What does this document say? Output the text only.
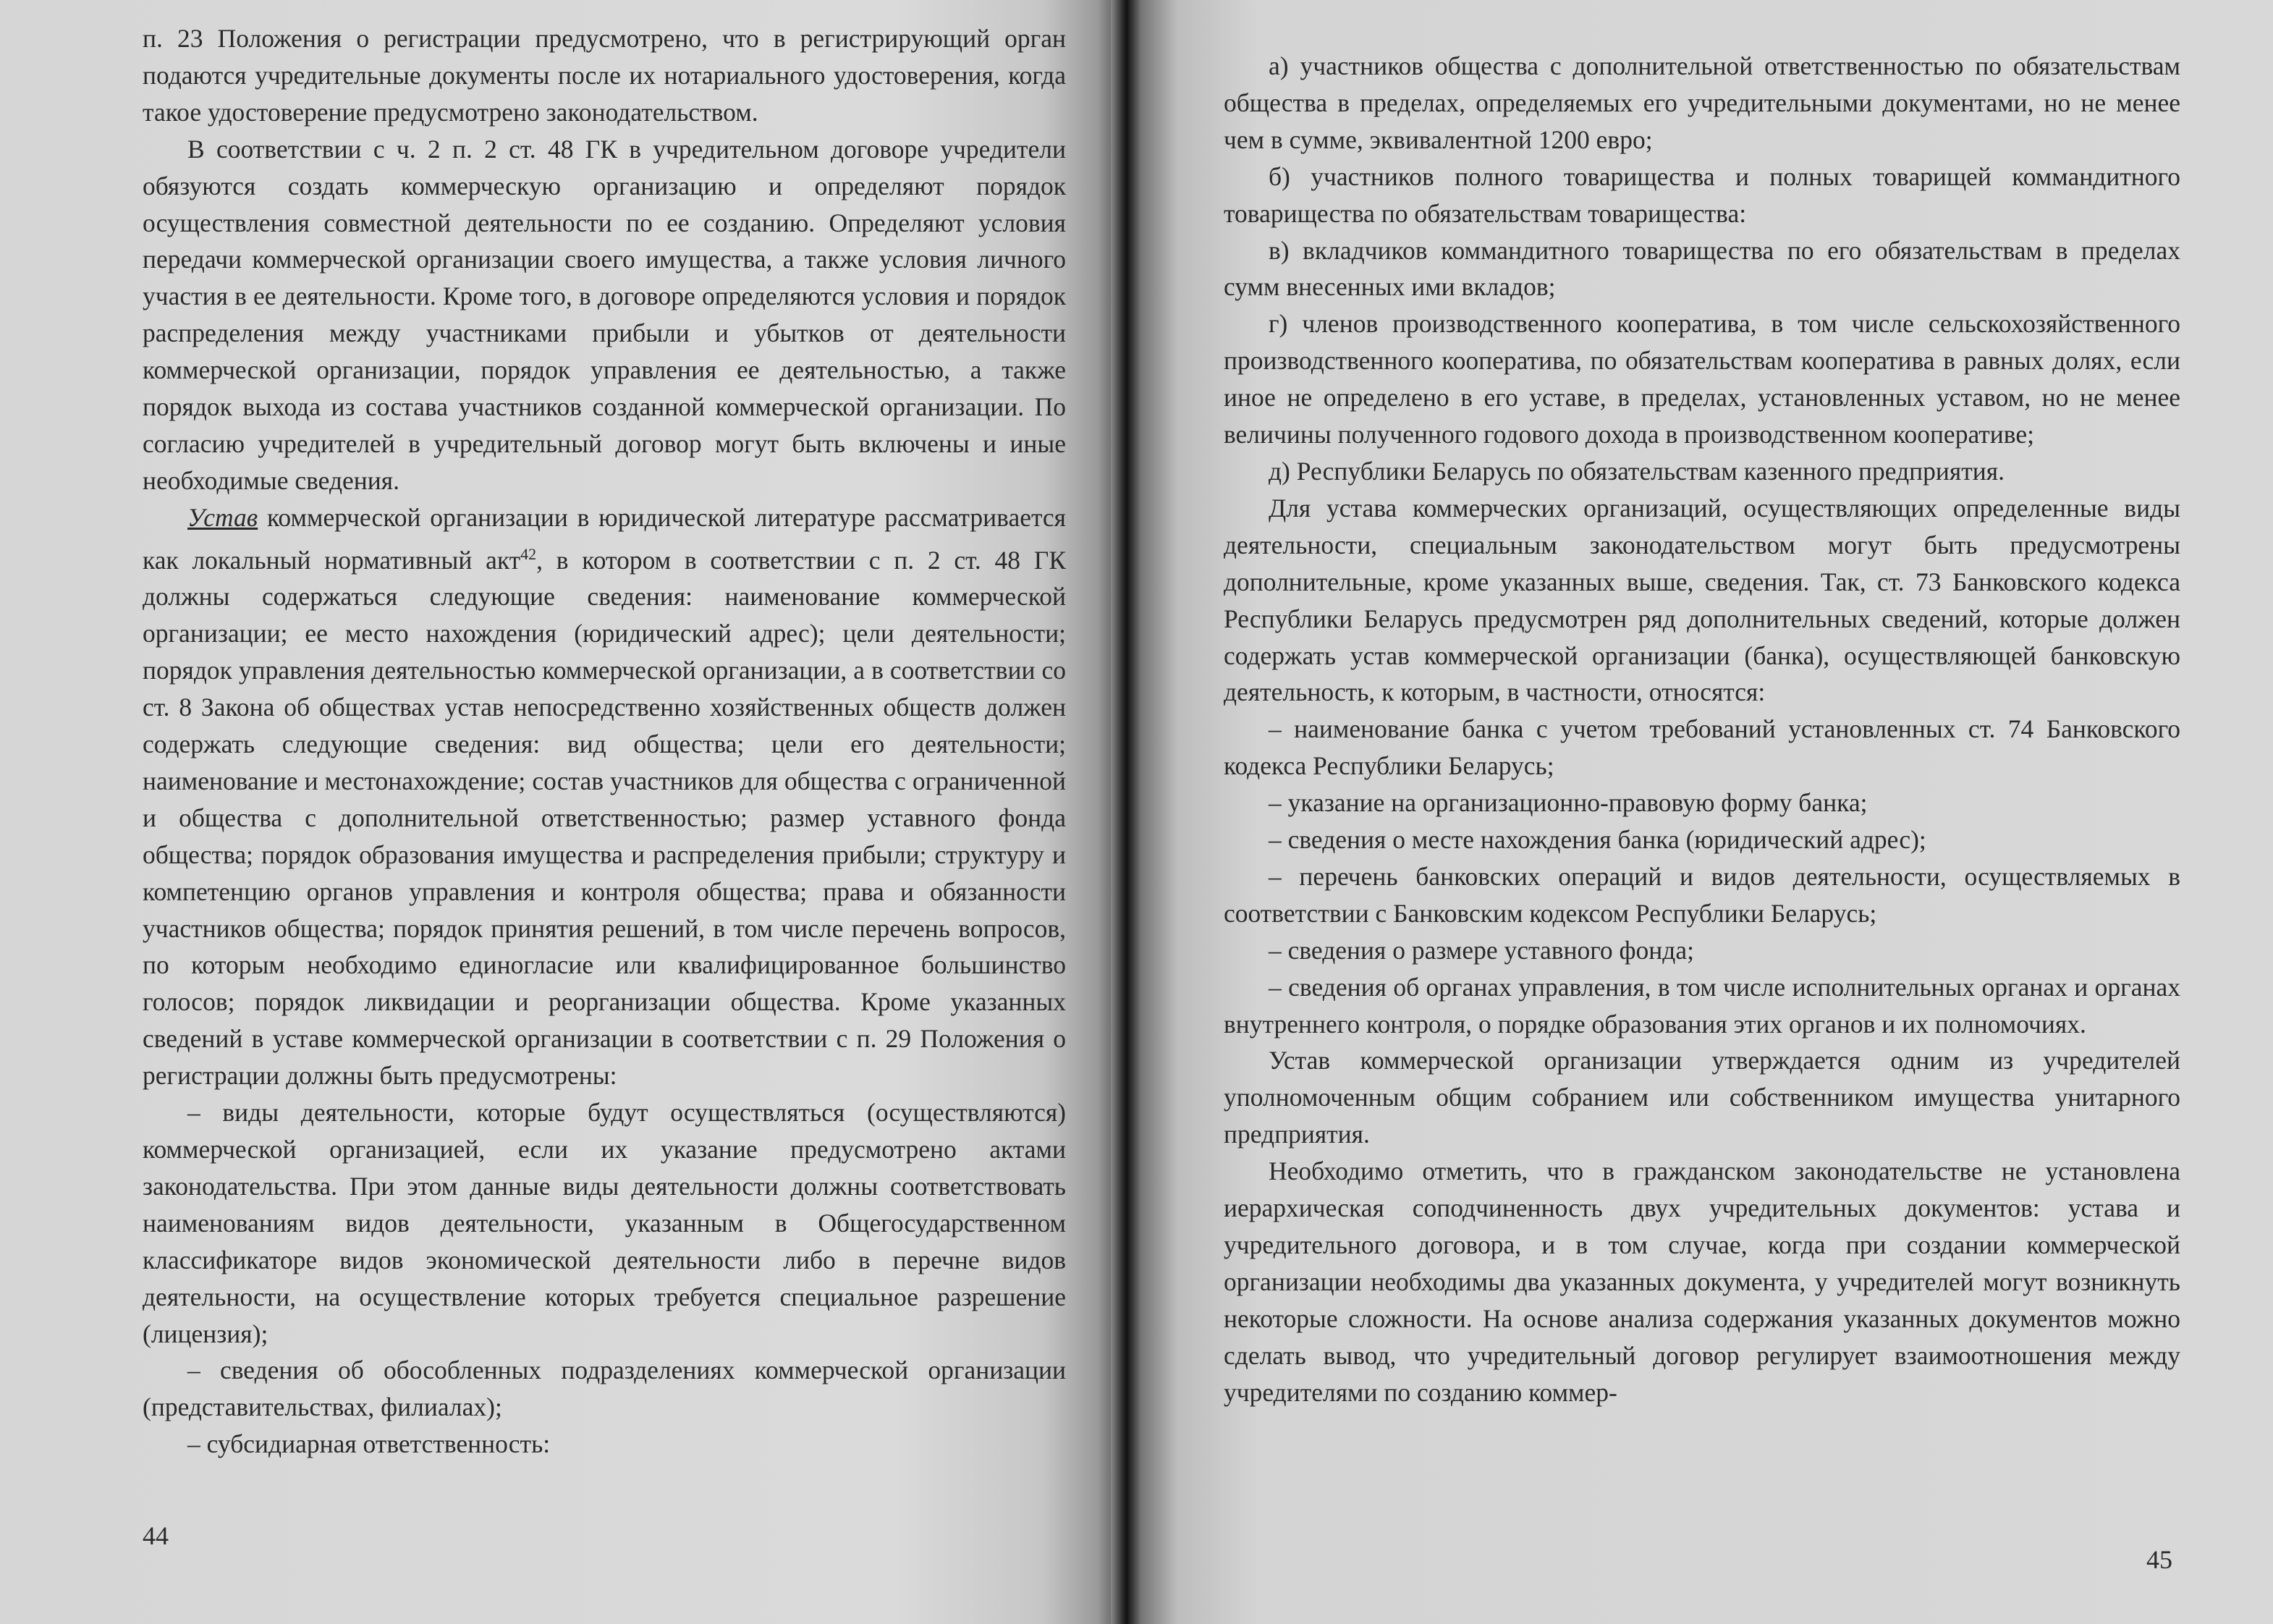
п. 23 Положения о регистрации предусмотрено, что в регистрирующий орган подаются учредительные документы после их нотариального удостоверения, когда такое удостоверение предусмотрено законодательством.

В соответствии с ч. 2 п. 2 ст. 48 ГК в учредительном договоре учредители обязуются создать коммерческую организацию и определяют порядок осуществления совместной деятельности по ее созданию. Определяют условия передачи коммерческой организации своего имущества, а также условия личного участия в ее деятельности. Кроме того, в договоре определяются условия и порядок распределения между участниками прибыли и убытков от деятельности коммерческой организации, порядок управления ее деятельностью, а также порядок выхода из состава участников созданной коммерческой организации. По согласию учредителей в учредительный договор могут быть включены и иные необходимые сведения.

Устав коммерческой организации в юридической литературе рассматривается как локальный нормативный акт$^{42}$, в котором в соответствии с п. 2 ст. 48 ГК должны содержаться следующие сведения: наименование коммерческой организации; ее место нахождения (юридический адрес); цели деятельности; порядок управления деятельностью коммерческой организации, а в соответствии со ст. 8 Закона об обществах устав непосредственно хозяйственных обществ должен содержать следующие сведения: вид общества; цели его деятельности; наименование и местонахождение; состав участников для общества с ограниченной и общества с дополнительной ответственностью; размер уставного фонда общества; порядок образования имущества и распределения прибыли; структуру и компетенцию органов управления и контроля общества; права и обязанности участников общества; порядок принятия решений, в том числе перечень вопросов, по которым необходимо единогласие или квалифицированное большинство голосов; порядок ликвидации и реорганизации общества. Кроме указанных сведений в уставе коммерческой организации в соответствии с п. 29 Положения о регистрации должны быть предусмотрены:

– виды деятельности, которые будут осуществляться (осуществляются) коммерческой организацией, если их указание предусмотрено актами законодательства. При этом данные виды деятельности должны соответствовать наименованиям видов деятельности, указанным в Общегосударственном классификаторе видов экономической деятельности либо в перечне видов деятельности, на осуществление которых требуется специальное разрешение (лицензия);

– сведения об обособленных подразделениях коммерческой организации (представительствах, филиалах);

– субсидиарная ответственность:

44

а) участников общества с дополнительной ответственностью по обязательствам общества в пределах, определяемых его учредительными документами, но не менее чем в сумме, эквивалентной 1200 евро;

б) участников полного товарищества и полных товарищей коммандитного товарищества по обязательствам товарищества:

в) вкладчиков коммандитного товарищества по его обязательствам в пределах сумм внесенных ими вкладов;

г) членов производственного кооператива, в том числе сельскохозяйственного производственного кооператива, по обязательствам кооператива в равных долях, если иное не определено в его уставе, в пределах, установленных уставом, но не менее величины полученного годового дохода в производственном кооперативе;

д) Республики Беларусь по обязательствам казенного предприятия.

Для устава коммерческих организаций, осуществляющих определенные виды деятельности, специальным законодательством могут быть предусмотрены дополнительные, кроме указанных выше, сведения. Так, ст. 73 Банковского кодекса Республики Беларусь предусмотрен ряд дополнительных сведений, которые должен содержать устав коммерческой организации (банка), осуществляющей банковскую деятельность, к которым, в частности, относятся:

– наименование банка с учетом требований установленных ст. 74 Банковского кодекса Республики Беларусь;

– указание на организационно-правовую форму банка;

– сведения о месте нахождения банка (юридический адрес);

– перечень банковских операций и видов деятельности, осуществляемых в соответствии с Банковским кодексом Республики Беларусь;

– сведения о размере уставного фонда;

– сведения об органах управления, в том числе исполнительных органах и органах внутреннего контроля, о порядке образования этих органов и их полномочиях.

Устав коммерческой организации утверждается одним из учредителей уполномоченным общим собранием или собственником имущества унитарного предприятия.

Необходимо отметить, что в гражданском законодательстве не установлена иерархическая соподчиненность двух учредительных документов: устава и учредительного договора, и в том случае, когда при создании коммерческой организации необходимы два указанных документа, у учредителей могут возникнуть некоторые сложности. На основе анализа содержания указанных документов можно сделать вывод, что учредительный договор регулирует взаимоотношения между учредителями по созданию коммер-

45
